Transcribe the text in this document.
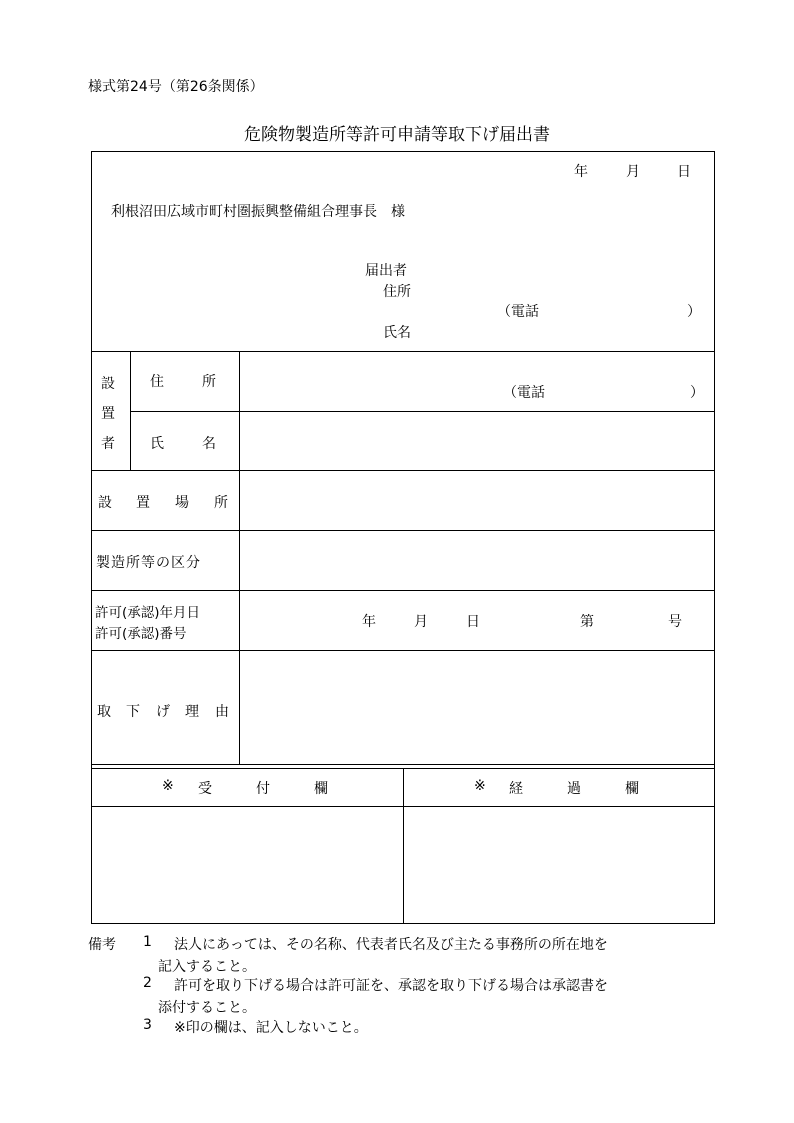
様式第24号（第26条関係）
危険物製造所等許可申請等取下げ届出書
年	月	日
利根沼田広域市町村圏振興整備組合理事長　様
届出者
住所
（電話	）
氏名
設
置
者
住	所
（電話	）
氏	名
設 置 場 所
製造所等の区分
許可(承認)年月日
許可(承認)番号
年	月	日	第	号
取 下 げ 理 由
※ 受	付	欄	※ 経	過	欄
備考 1 法人にあっては、その名称、代表者氏名及び主たる事務所の所在地を
記入すること。
2 許可を取り下げる場合は許可証を、承認を取り下げる場合は承認書を
添付すること。
3 ※印の欄は、記入しないこと。
